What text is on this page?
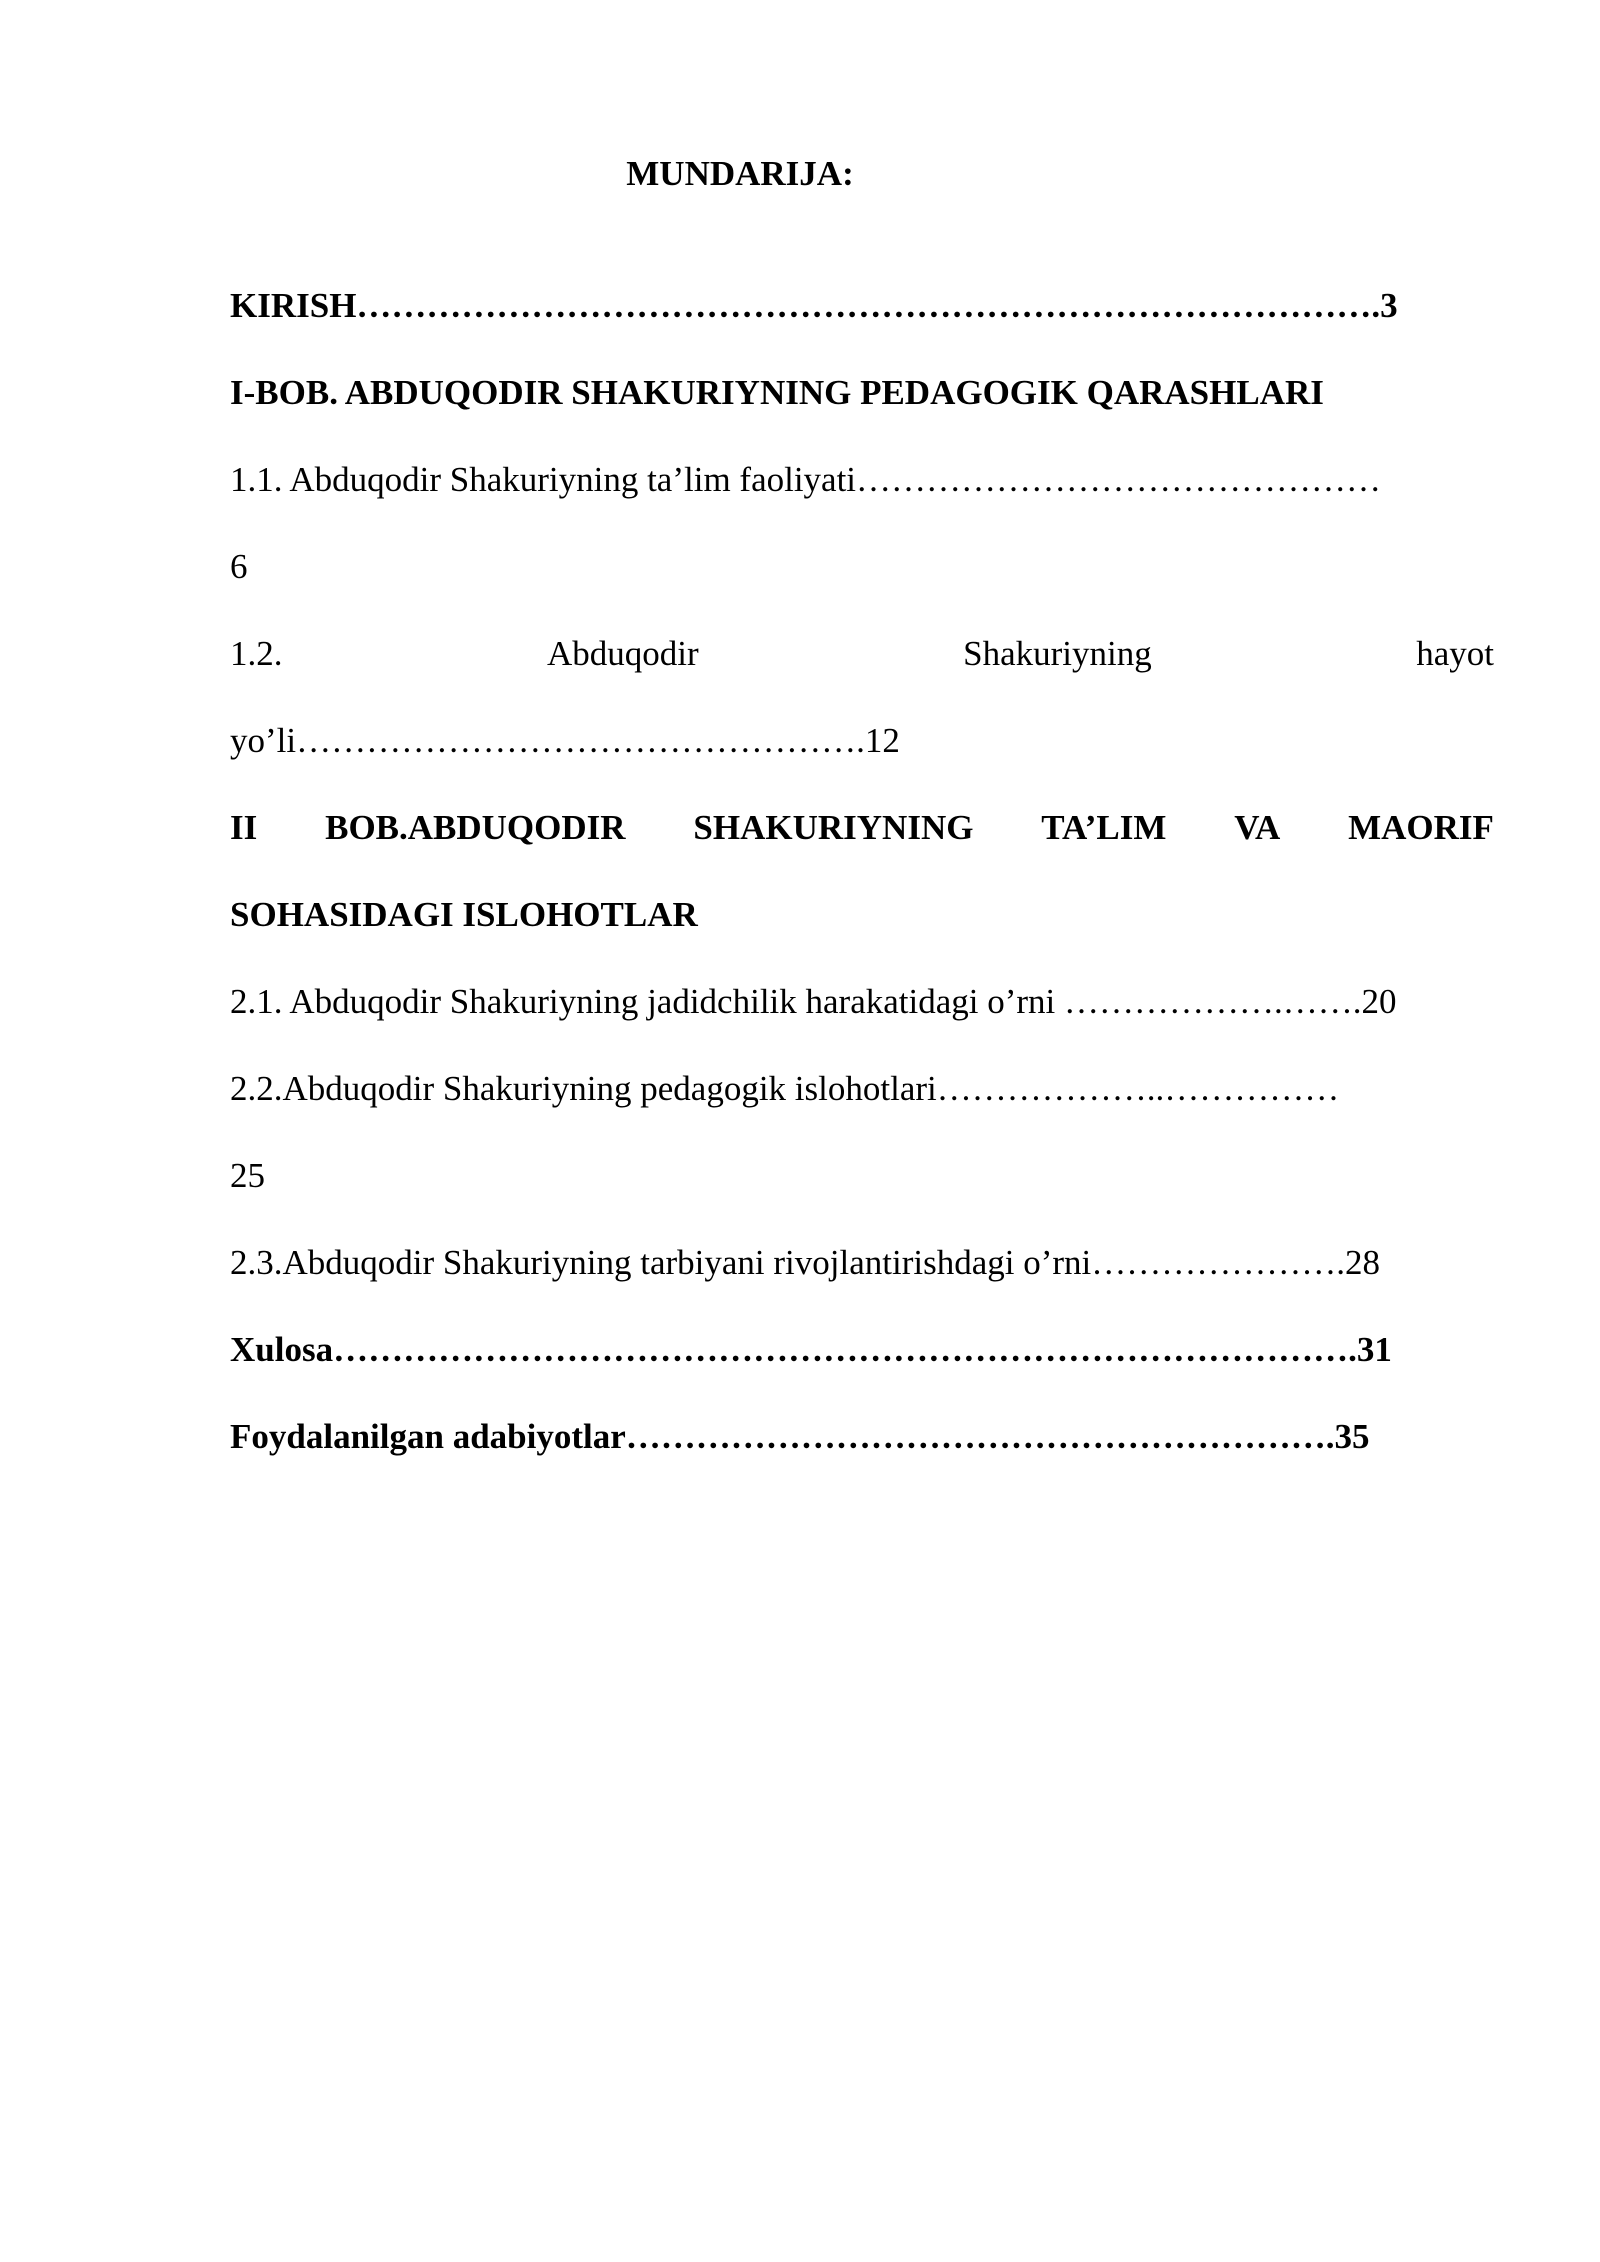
MUNDARIJA:
KIRISH…………………………………………………………………………….3
I-BOB. ABDUQODIR SHAKURIYNING PEDAGOGIK QARASHLARI
1.1. Abduqodir Shakuriyning ta’lim faoliyati………………………………………
6
1.2.	Abduqodir	Shakuriyning	hayot
yo’li………………………………………….12
II BOB.ABDUQODIR SHAKURIYNING TA’LIM VA MAORIF
SOHASIDAGI ISLOHOTLAR
2.1. Abduqodir Shakuriyning jadidchilik harakatidagi o’rni ……………….…….20
2.2.Abduqodir Shakuriyning pedagogik islohotlari………………..……………
25
2.3.Abduqodir Shakuriyning tarbiyani rivojlantirishdagi o’rni………………….28
Xulosa…………………………………………………………………………….31
Foydalanilgan adabiyotlar…………………………………………………….35
